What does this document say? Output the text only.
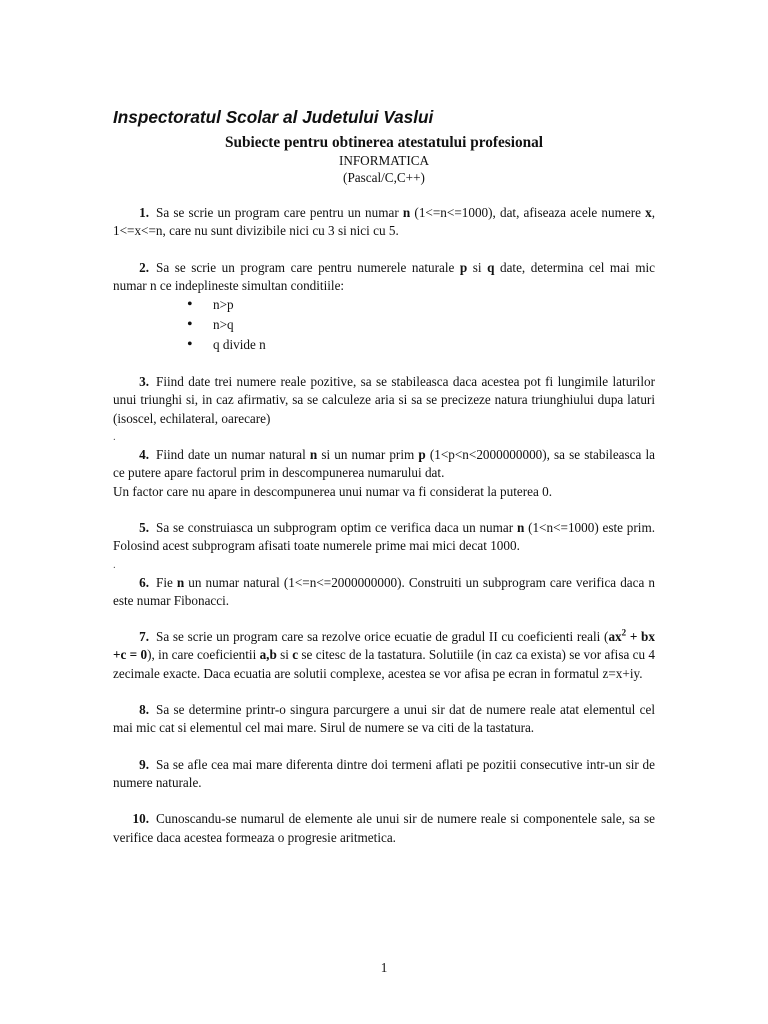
Inspectoratul Scolar al Judetului Vaslui

Subiecte pentru obtinerea atestatului profesional

INFORMATICA

(Pascal/C,C++)

1. Sa se scrie un program care pentru un numar n (1<=n<=1000), dat, afiseaza acele numere x, 1<=x<=n, care nu sunt divizibile nici cu 3 si nici cu 5.

2. Sa se scrie un program care pentru numerele naturale p si q date, determina cel mai mic numar n ce indeplineste simultan conditiile:

• n>p
• n>q
• q divide n

3. Fiind date trei numere reale pozitive, sa se stabileasca daca acestea pot fi lungimile laturilor unui triunghi si, in caz afirmativ, sa se calculeze aria si sa se precizeze natura triunghiului dupa laturi (isoscel, echilateral, oarecare)

.

4. Fiind date un numar natural n si un numar prim p (1<p<n<2000000000), sa se stabileasca la ce putere apare factorul prim in descompunerea numarului dat.

Un factor care nu apare in descompunerea unui numar va fi considerat la puterea 0.

5. Sa se construiasca un subprogram optim ce verifica daca un numar n (1<n<=1000) este prim. Folosind acest subprogram afisati toate numerele prime mai mici decat 1000.

.

6. Fie n un numar natural (1<=n<=2000000000). Construiti un subprogram care verifica daca n este numar Fibonacci.

7. Sa se scrie un program care sa rezolve orice ecuatie de gradul II cu coeficienti reali ($ax^2$ + bx +c = 0), in care coeficientii a,b si c se citesc de la tastatura. Solutiile (in caz ca exista) se vor afisa cu 4 zecimale exacte. Daca ecuatia are solutii complexe, acestea se vor afisa pe ecran in formatul z=x+iy.

8. Sa se determine printr-o singura parcurgere a unui sir dat de numere reale atat elementul cel mai mic cat si elementul cel mai mare. Sirul de numere se va citi de la tastatura.

9. Sa se afle cea mai mare diferenta dintre doi termeni aflati pe pozitii consecutive intr-un sir de numere naturale.

10. Cunoscandu-se numarul de elemente ale unui sir de numere reale si componentele sale, sa se verifice daca acestea formeaza o progresie aritmetica.

1
